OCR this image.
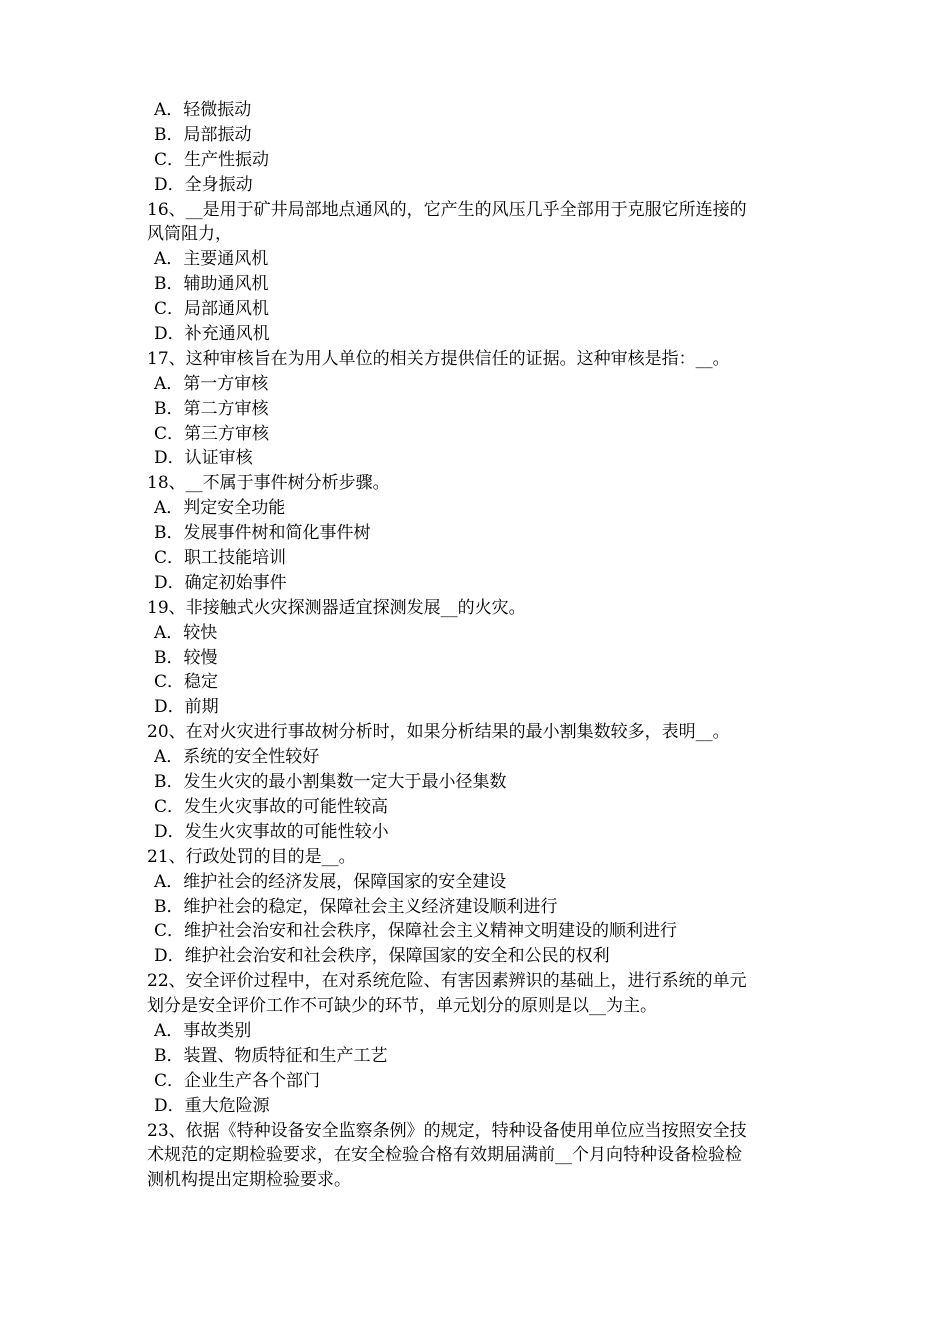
A．轻微振动
B．局部振动
C．生产性振动
D．全身振动
16、__是用于矿井局部地点通风的，它产生的风压几乎全部用于克服它所连接的
风筒阻力，
A．主要通风机
B．辅助通风机
C．局部通风机
D．补充通风机
17、这种审核旨在为用人单位的相关方提供信任的证据。这种审核是指：__。
A．第一方审核
B．第二方审核
C．第三方审核
D．认证审核
18、__不属于事件树分析步骤。
A．判定安全功能
B．发展事件树和简化事件树
C．职工技能培训
D．确定初始事件
19、非接触式火灾探测器适宜探测发展__的火灾。
A．较快
B．较慢
C．稳定
D．前期
20、在对火灾进行事故树分析时，如果分析结果的最小割集数较多，表明__。
A．系统的安全性较好
B．发生火灾的最小割集数一定大于最小径集数
C．发生火灾事故的可能性较高
D．发生火灾事故的可能性较小
21、行政处罚的目的是__。
A．维护社会的经济发展，保障国家的安全建设
B．维护社会的稳定，保障社会主义经济建设顺利进行
C．维护社会治安和社会秩序，保障社会主义精神文明建设的顺利进行
D．维护社会治安和社会秩序，保障国家的安全和公民的权利
22、安全评价过程中，在对系统危险、有害因素辨识的基础上，进行系统的单元
划分是安全评价工作不可缺少的环节，单元划分的原则是以__为主。
A．事故类别
B．装置、物质特征和生产工艺
C．企业生产各个部门
D．重大危险源
23、依据《特种设备安全监察条例》的规定，特种设备使用单位应当按照安全技
术规范的定期检验要求，在安全检验合格有效期届满前__个月向特种设备检验检
测机构提出定期检验要求。
